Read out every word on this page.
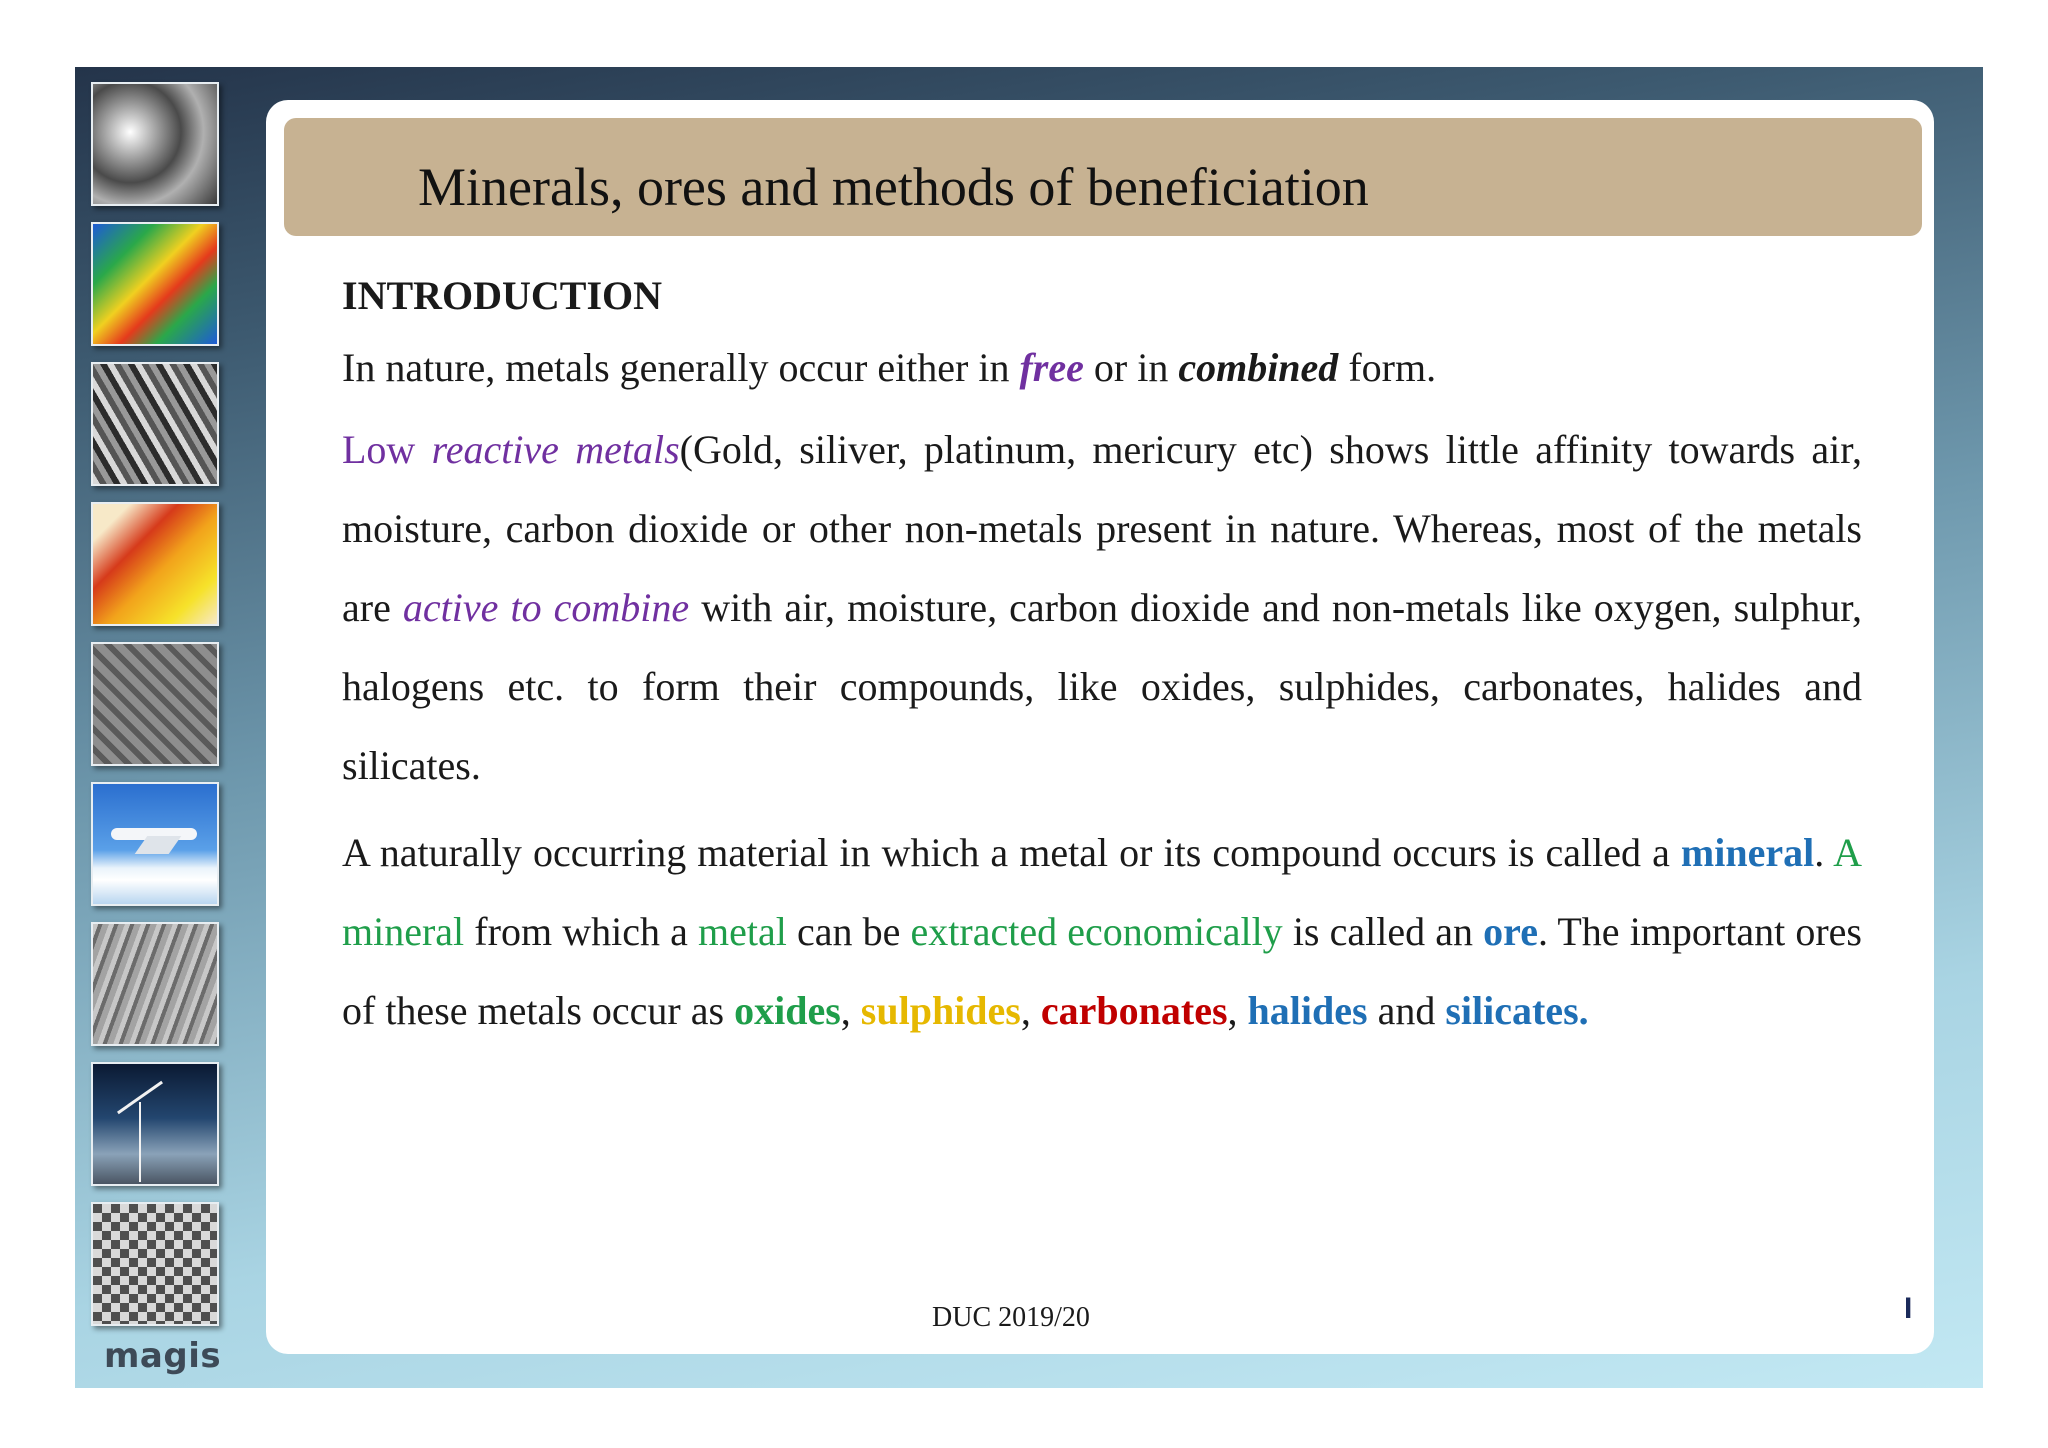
magis
Minerals, ores and methods of beneficiation

INTRODUCTION

In nature, metals generally occur either in free or in combined form.

Low reactive metals(Gold, siliver, platinum, mericury etc) shows little affinity towards air, moisture, carbon dioxide or other non-metals present in nature. Whereas, most of the metals are active to combine with air, moisture, carbon dioxide and non-metals like oxygen, sulphur, halogens etc. to form their compounds, like oxides, sulphides, carbonates, halides and silicates.

A naturally occurring material in which a metal or its compound occurs is called a mineral. A mineral from which a metal can be extracted economically is called an ore. The important ores of these metals occur as oxides, sulphides, carbonates, halides and silicates.

DUC 2019/20	I
